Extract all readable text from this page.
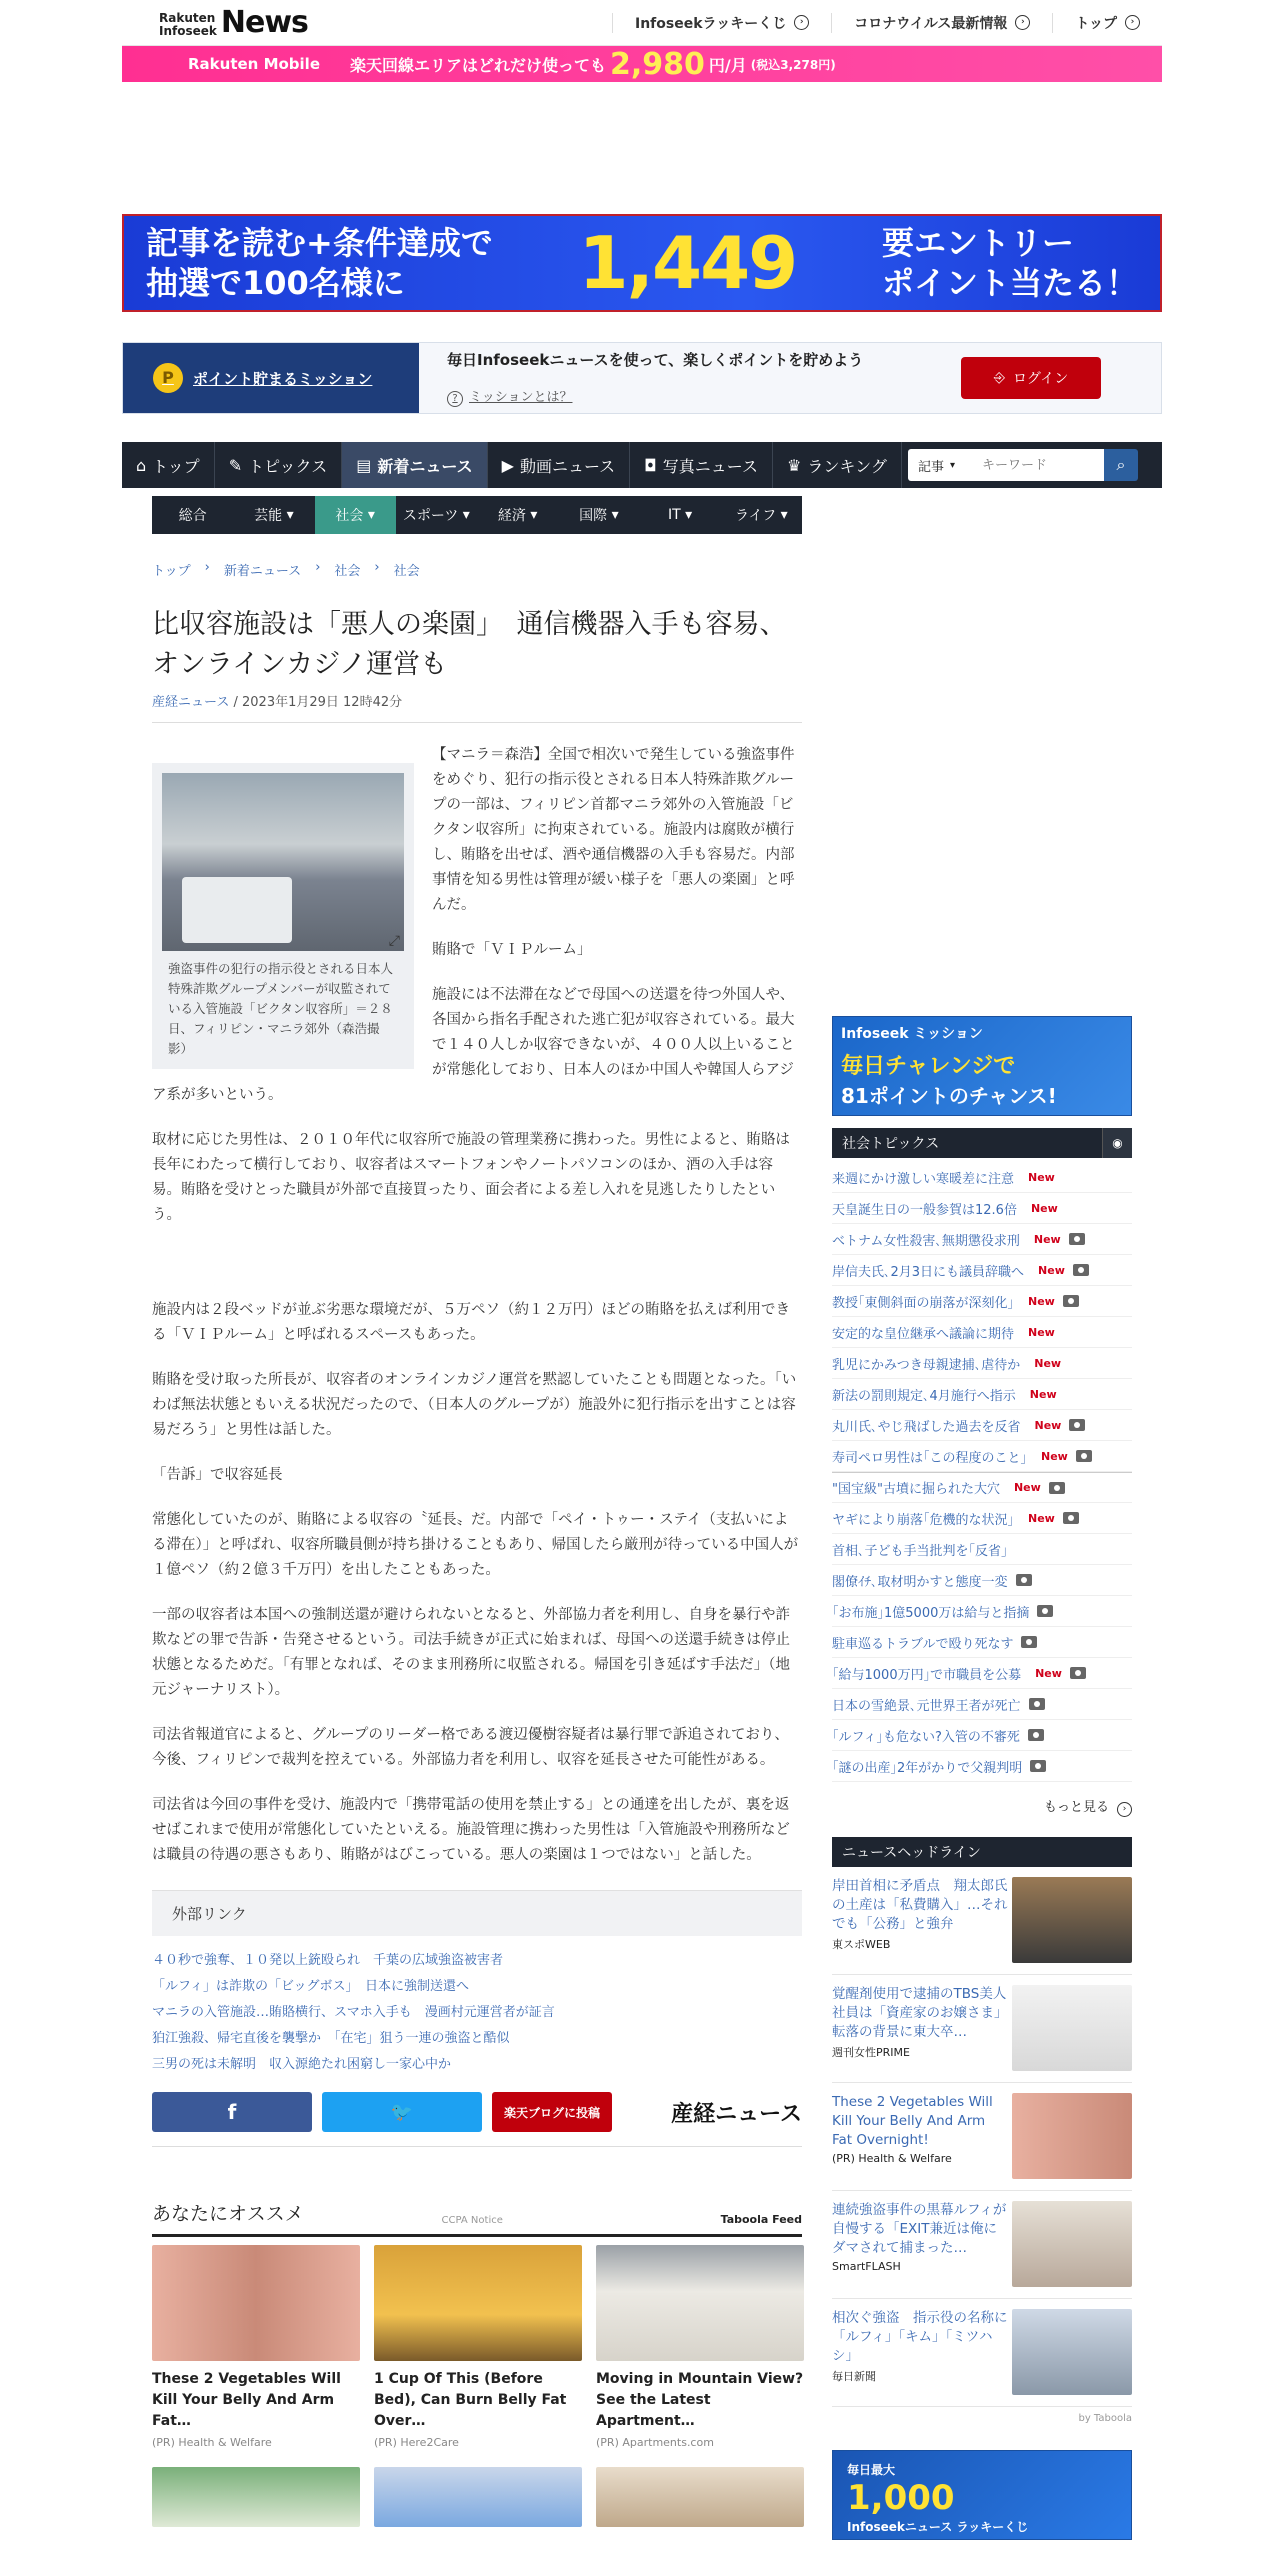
Rakuten
Infoseek News	Infoseekラッキーくじ	›	コロナウイルス最新情報	›	トップ	›
Rakuten Mobile 楽天回線エリアはどれだけ使っても 2,980 円/月 (税込3,278円)
記事を読む+条件達成で
抽選で100名様に	1,449	要エントリー
ポイント当たる！
P	ポイント貯まるミッション

毎日Infoseekニュースを使って、楽しくポイントを貯めよう

? ミッションとは？
⎆ ログイン
⌂ トップ ✎ トピックス ▤ 新着ニュース ▶ 動画ニュース ◘ 写真ニュース ♛ ランキング 記事 ▾
キーワード	⌕
総合	芸能 ▾	社会 ▾	スポーツ ▾	経済 ▾	国際 ▾	IT ▾	ライフ ▾
トップ › 新着ニュース › 社会 › 社会
比収容施設は「悪人の楽園」　通信機器入手も容易、オンラインカジノ運営も
産経ニュース / 2023年1月29日 12時42分
⤢
強盗事件の犯行の指示役とされる日本人特殊詐欺グループメンバーが収監されている入管施設「ビクタン収容所」＝２８日、フィリピン・マニラ郊外（森浩撮影）

【マニラ＝森浩】全国で相次いで発生している強盗事件をめぐり、犯行の指示役とされる日本人特殊詐欺グループの一部は、フィリピン首都マニラ郊外の入管施設「ビクタン収容所」に拘束されている。施設内は腐敗が横行し、賄賂を出せば、酒や通信機器の入手も容易だ。内部事情を知る男性は管理が緩い様子を「悪人の楽園」と呼んだ。

賄賂で「ＶＩＰルーム」

施設には不法滞在などで母国への送還を待つ外国人や、各国から指名手配された逃亡犯が収容されている。最大で１４０人しか収容できないが、４００人以上いることが常態化しており、日本人のほか中国人や韓国人らアジア系が多いという。

取材に応じた男性は、２０１０年代に収容所で施設の管理業務に携わった。男性によると、賄賂は長年にわたって横行しており、収容者はスマートフォンやノートパソコンのほか、酒の入手は容易。賄賂を受けとった職員が外部で直接買ったり、面会者による差し入れを見逃したりしたという。

施設内は２段ベッドが並ぶ劣悪な環境だが、５万ペソ（約１２万円）ほどの賄賂を払えば利用できる「ＶＩＰルーム」と呼ばれるスペースもあった。

賄賂を受け取った所長が、収容者のオンラインカジノ運営を黙認していたことも問題となった。「いわば無法状態ともいえる状況だったので、（日本人のグループが）施設外に犯行指示を出すことは容易だろう」と男性は話した。

「告訴」で収容延長

常態化していたのが、賄賂による収容の〝延長〟だ。内部で「ペイ・トゥー・ステイ（支払いによる滞在）」と呼ばれ、収容所職員側が持ち掛けることもあり、帰国したら厳刑が待っている中国人が１億ペソ（約２億３千万円）を出したこともあった。

一部の収容者は本国への強制送還が避けられないとなると、外部協力者を利用し、自身を暴行や詐欺などの罪で告訴・告発させるという。司法手続きが正式に始まれば、母国への送還手続きは停止状態となるためだ。「有罪となれば、そのまま刑務所に収監される。帰国を引き延ばす手法だ」（地元ジャーナリスト）。

司法省報道官によると、グループのリーダー格である渡辺優樹容疑者は暴行罪で訴追されており、今後、フィリピンで裁判を控えている。外部協力者を利用し、収容を延長させた可能性がある。

司法省は今回の事件を受け、施設内で「携帯電話の使用を禁止する」との通達を出したが、裏を返せばこれまで使用が常態化していたといえる。施設管理に携わった男性は「入管施設や刑務所などは職員の待遇の悪さもあり、賄賂がはびこっている。悪人の楽園は１つではない」と話した。

外部リンク
４０秒で強奪、１０発以上銃殴られ　千葉の広域強盗被害者
「ルフィ」は詐欺の「ビッグボス」　日本に強制送還へ
マニラの入管施設…賄賂横行、スマホ入手も　漫画村元運営者が証言
狛江強殺、帰宅直後を襲撃か　「在宅」狙う一連の強盗と酷似
三男の死は未解明　収入源絶たれ困窮し一家心中か
f	🐦	楽天ブログに投稿	産経ニュース
あなたにオススメ	CCPA Notice	Taboola Feed
These 2 Vegetables Will Kill Your Belly And Arm Fat…
(PR) Health & Welfare
1 Cup Of This (Before Bed), Can Burn Belly Fat Over…
(PR) Here2Care
Moving in Mountain View? See the Latest Apartment…
(PR) Apartments.com
Infoseek ミッション
毎日チャレンジで
81ポイントのチャンス!
社会トピックス	◉
来週にかけ激しい寒暖差に注意 New
天皇誕生日の一般参賀は12.6倍 New
ベトナム女性殺害､無期懲役求刑 New
岸信夫氏､2月3日にも議員辞職へ New
教授｢東側斜面の崩落が深刻化｣ New
安定的な皇位継承へ議論に期待 New
乳児にかみつき母親逮捕､虐待か New
新法の罰則規定､4月施行へ指示 New
丸川氏､やじ飛ばした過去を反省 New
寿司ペロ男性は｢この程度のこと｣ New
"国宝級"古墳に掘られた大穴 New
ヤギにより崩落｢危機的な状況｣ New
首相､子ども手当批判を｢反省｣
閣僚ｲﾁ､取材明かすと態度一変
｢お布施｣1億5000万は給与と指摘
駐車巡るトラブルで殴り死なす
｢給与1000万円｣で市職員を公募 New
日本の雪絶景､元世界王者が死亡
｢ルフィ｣も危ない?入管の不審死
｢謎の出産｣2年がかりで父親判明
もっと見る ›
ニュースヘッドライン

岸田首相に矛盾点　翔太郎氏の土産は「私費購入」…それでも「公務」と強弁

東スポWEB

覚醒剤使用で逮捕のTBS美人社員は「資産家のお嬢さま」転落の背景に東大卒…

週刊女性PRIME

These 2 Vegetables Will Kill Your Belly And Arm Fat Overnight!

(PR) Health & Welfare

連続強盗事件の黒幕ルフィが自慢する「EXIT兼近は俺にダマされて捕まった…

SmartFLASH

相次ぐ強盗　指示役の名称に「ルフィ」「キム」「ミツハシ」

毎日新聞
by Taboola
毎日最大
1,000
Infoseekニュース ラッキーくじ
